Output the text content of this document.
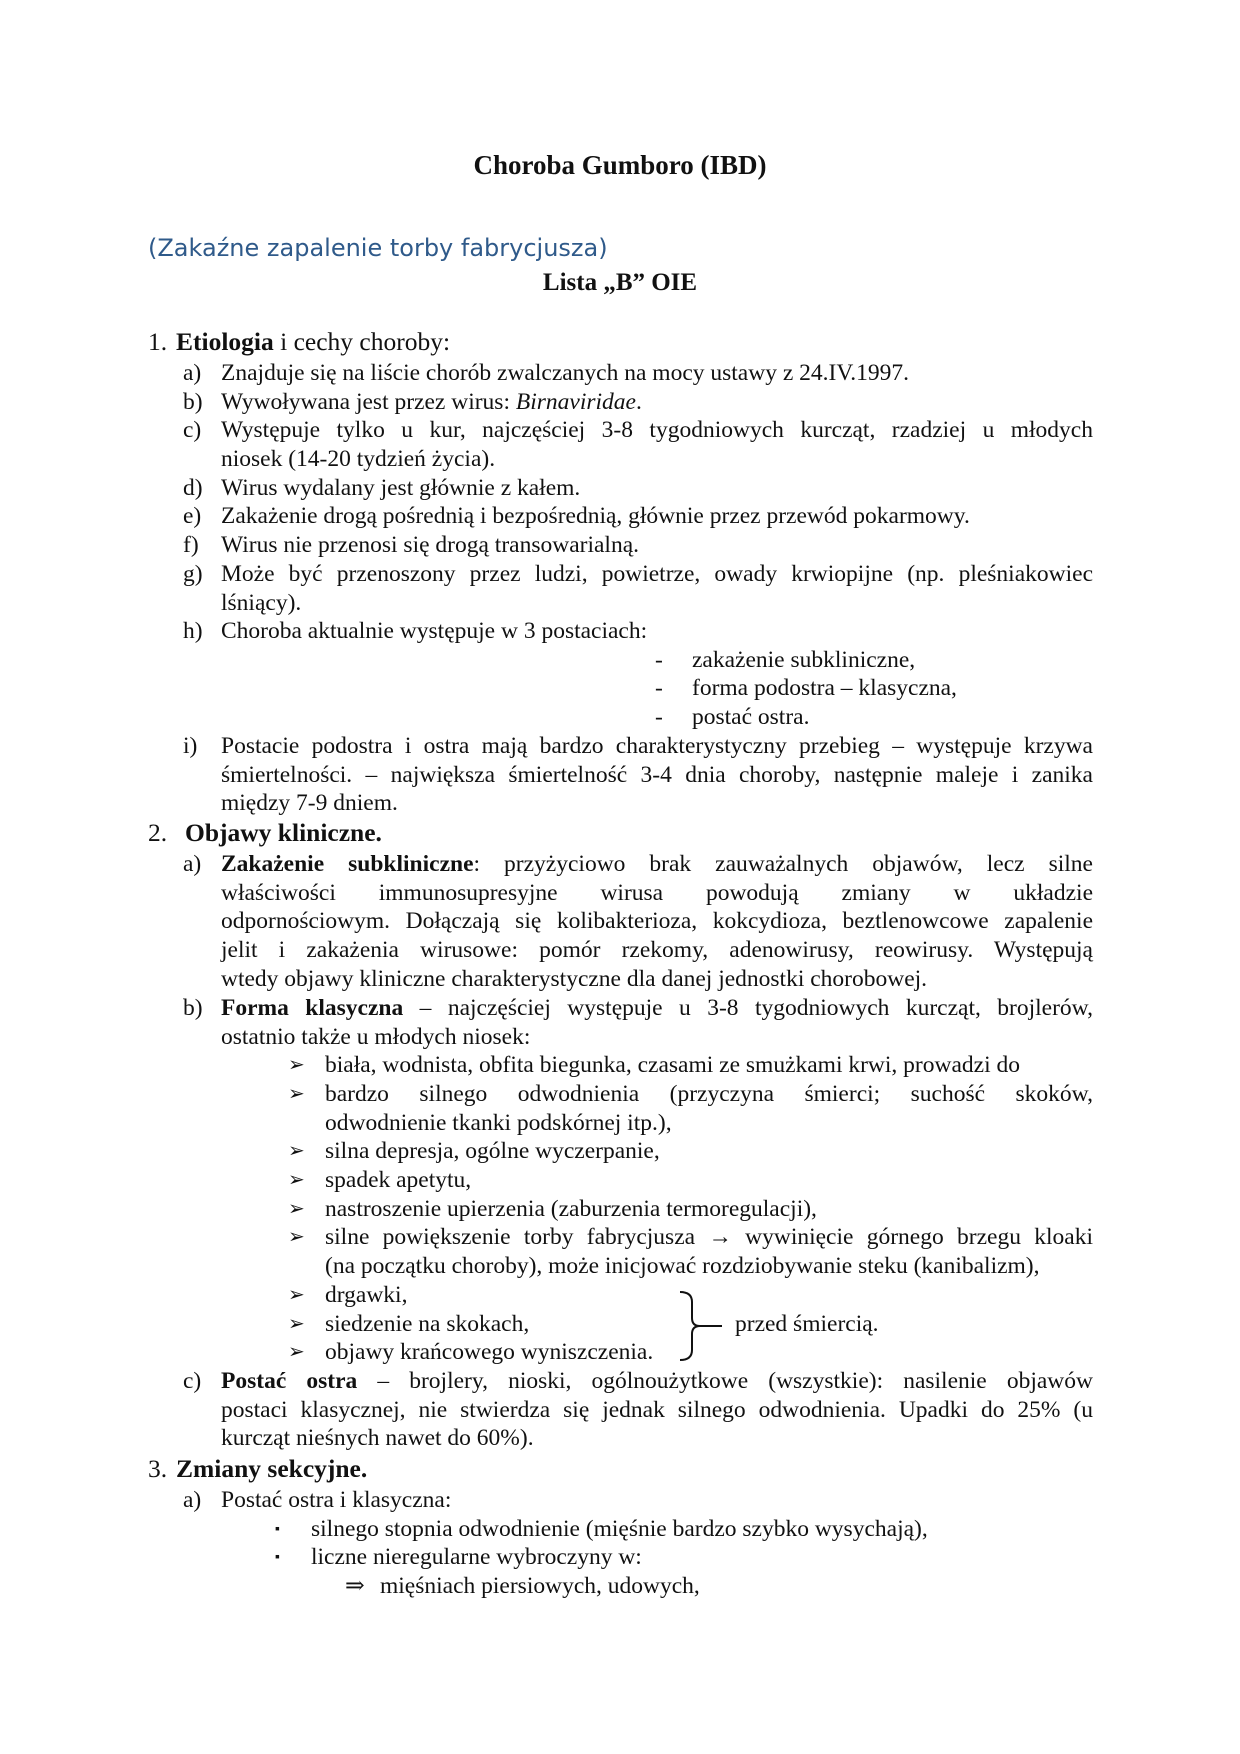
Choroba Gumboro (IBD)
(Zakaźne zapalenie torby fabrycjusza)
Lista „B” OIE
1. Etiologia i cechy choroby:
a) Znajduje się na liście chorób zwalczanych na mocy ustawy z 24.IV.1997.
b) Wywoływana jest przez wirus: Birnaviridae.
c) Występuje tylko u kur, najczęściej 3-8 tygodniowych kurcząt, rzadziej u młodych
niosek (14-20 tydzień życia).
d) Wirus wydalany jest głównie z kałem.
e) Zakażenie drogą pośrednią i bezpośrednią, głównie przez przewód pokarmowy.
f) Wirus nie przenosi się drogą transowarialną.
g) Może być przenoszony przez ludzi, powietrze, owady krwiopijne (np. pleśniakowiec
lśniący).
h) Choroba aktualnie występuje w 3 postaciach:
- zakażenie subkliniczne,
- forma podostra – klasyczna,
- postać ostra.
i) Postacie podostra i ostra mają bardzo charakterystyczny przebieg – występuje krzywa
śmiertelności. – największa śmiertelność 3-4 dnia choroby, następnie maleje i zanika
między 7-9 dniem.
2. Objawy kliniczne.
a) Zakażenie subkliniczne: przyżyciowo brak zauważalnych objawów, lecz silne
właściwości immunosupresyjne wirusa powodują zmiany w układzie
odpornościowym. Dołączają się kolibakterioza, kokcydioza, beztlenowcowe zapalenie
jelit i zakażenia wirusowe: pomór rzekomy, adenowirusy, reowirusy. Występują
wtedy objawy kliniczne charakterystyczne dla danej jednostki chorobowej.
b) Forma klasyczna – najczęściej występuje u 3-8 tygodniowych kurcząt, brojlerów,
ostatnio także u młodych niosek:
➢ biała, wodnista, obfita biegunka, czasami ze smużkami krwi, prowadzi do
➢ bardzo silnego odwodnienia (przyczyna śmierci; suchość skoków,
odwodnienie tkanki podskórnej itp.),
➢ silna depresja, ogólne wyczerpanie,
➢ spadek apetytu,
➢ nastroszenie upierzenia (zaburzenia termoregulacji),
➢ silne powiększenie torby fabrycjusza → wywinięcie górnego brzegu kloaki
(na początku choroby), może inicjować rozdziobywanie steku (kanibalizm),
➢ drgawki,
➢ siedzenie na skokach,
➢ objawy krańcowego wyniszczenia.
przed śmiercią.
c) Postać ostra – brojlery, nioski, ogólnoużytkowe (wszystkie): nasilenie objawów
postaci klasycznej, nie stwierdza się jednak silnego odwodnienia. Upadki do 25% (u
kurcząt nieśnych nawet do 60%).
3. Zmiany sekcyjne.
a) Postać ostra i klasyczna:
▪ silnego stopnia odwodnienie (mięśnie bardzo szybko wysychają),
▪ liczne nieregularne wybroczyny w:
⇒ mięśniach piersiowych, udowych,
